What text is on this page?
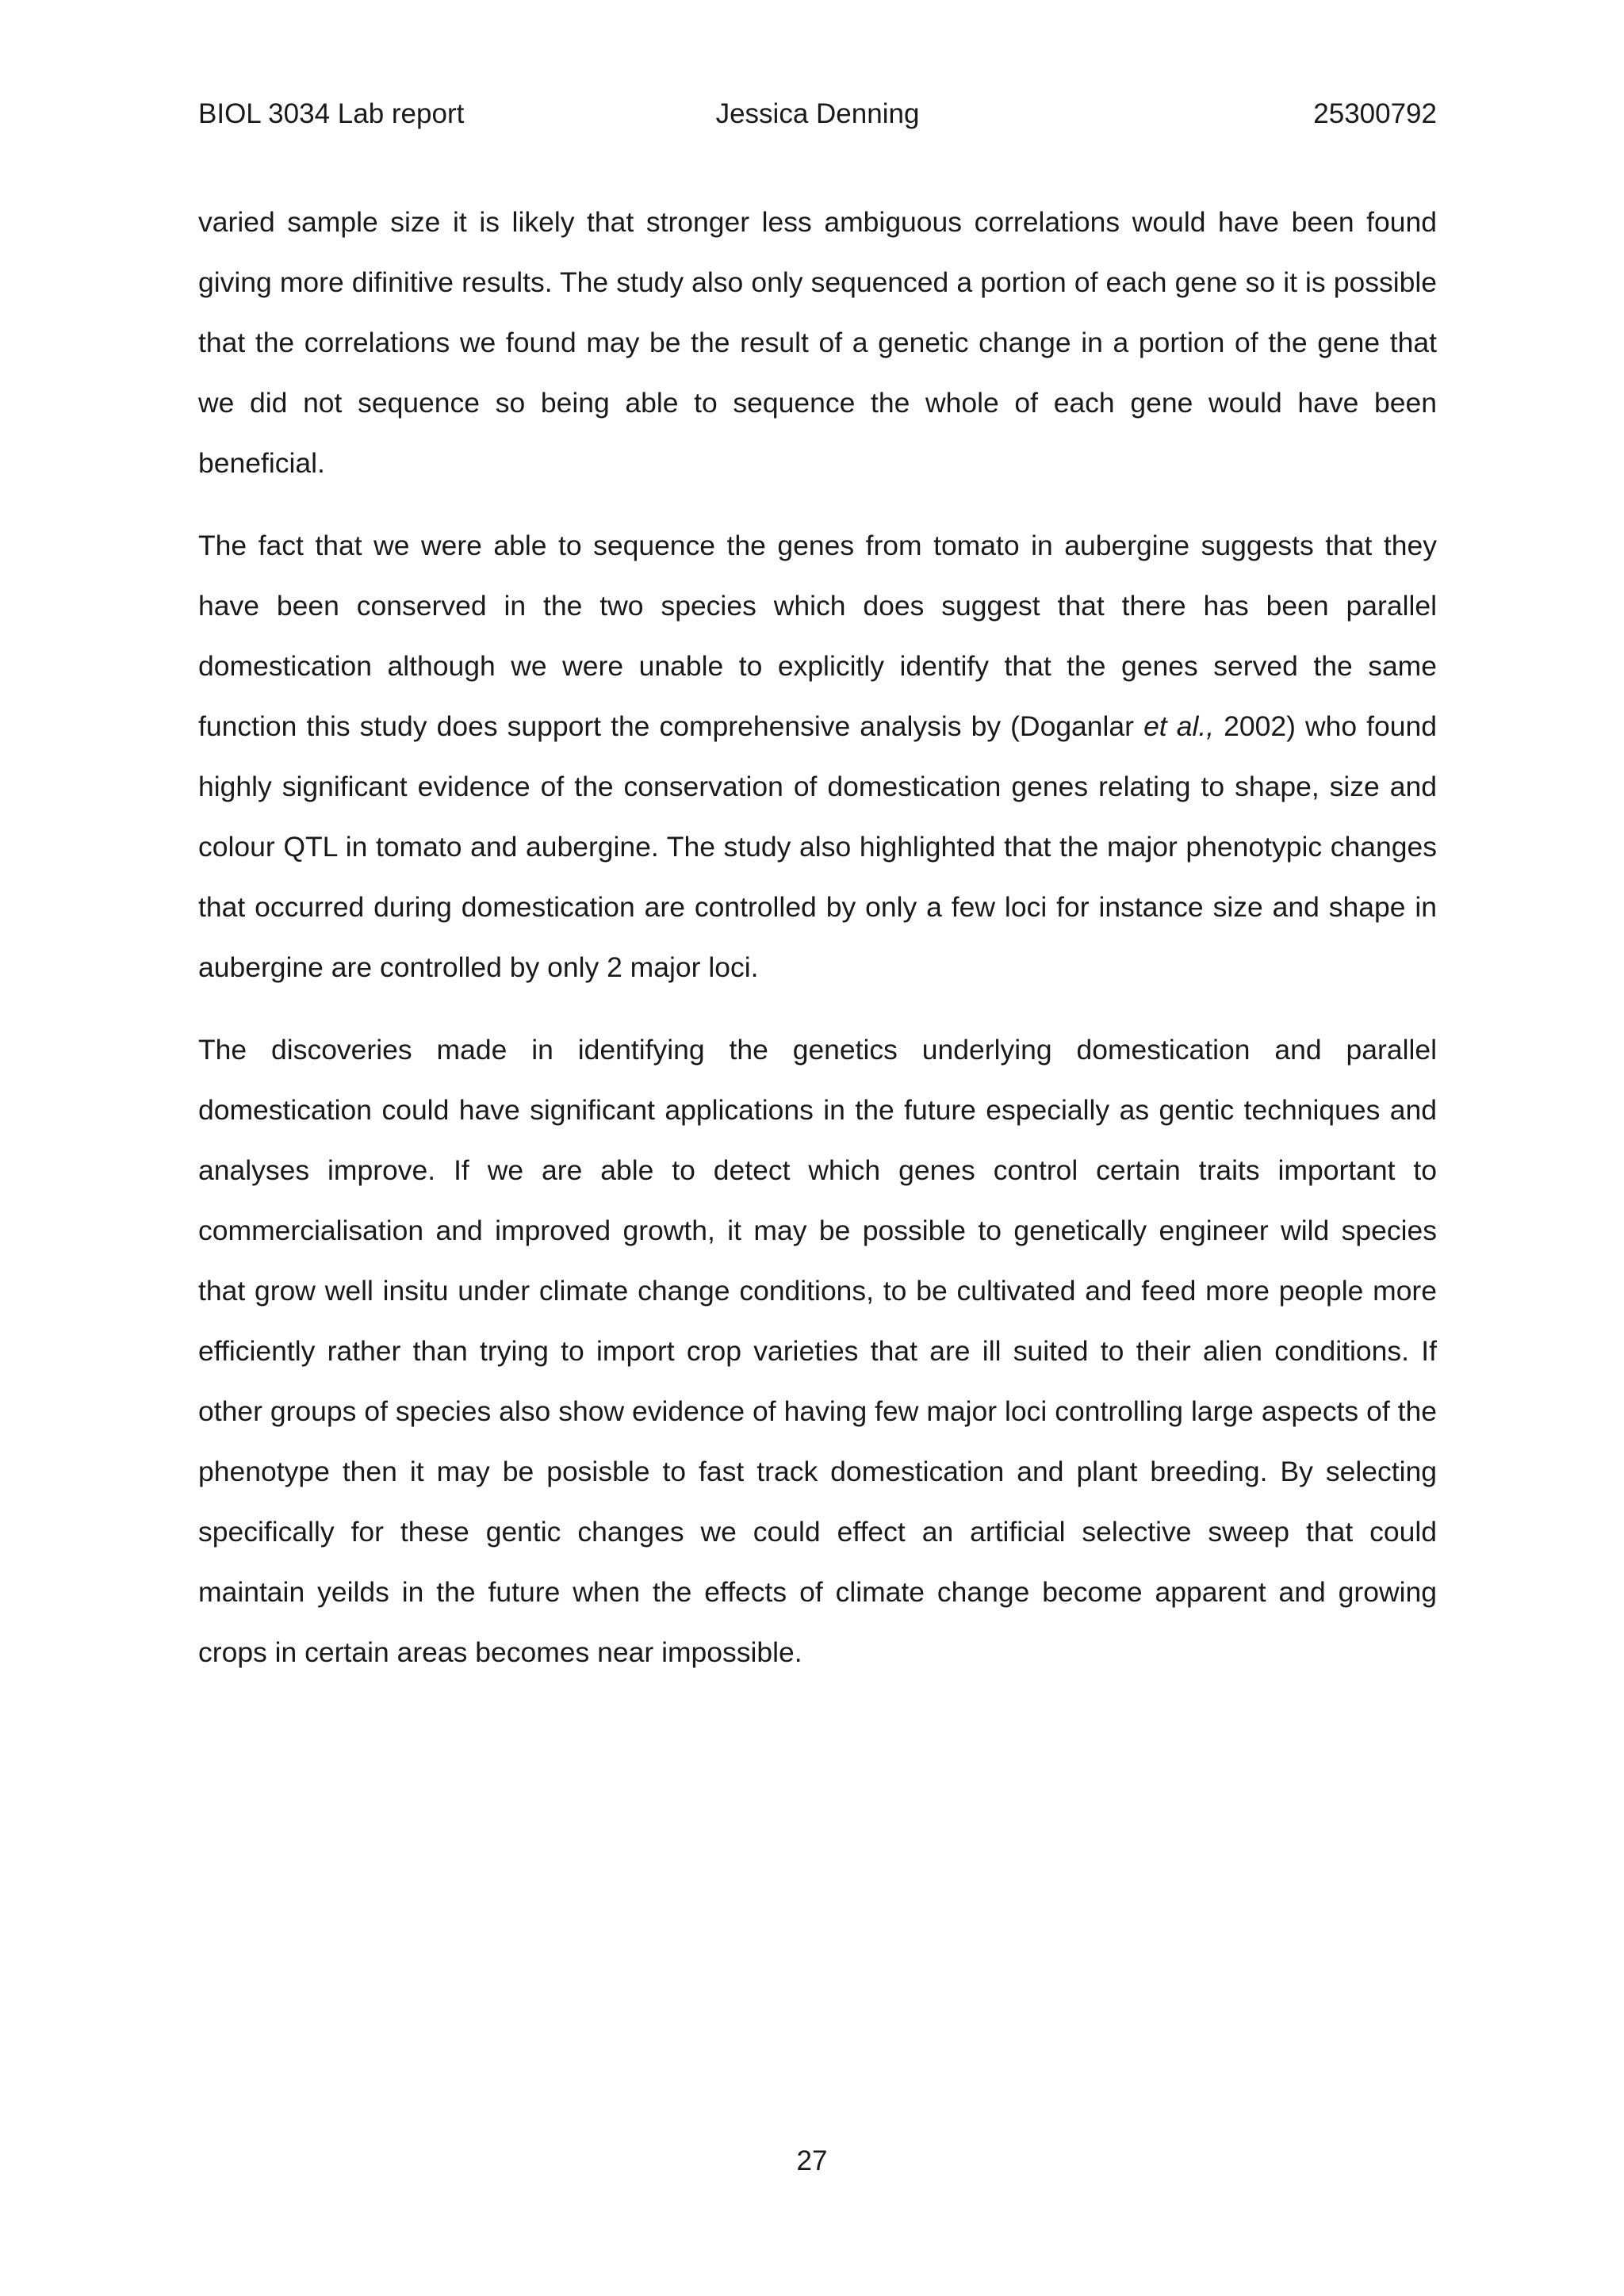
BIOL 3034 Lab report	Jessica Denning	25300792

varied sample size it is likely that stronger less ambiguous correlations would have been found giving more difinitive results. The study also only sequenced a portion of each gene so it is possible that the correlations we found may be the result of a genetic change in a portion of the gene that we did not sequence so being able to sequence the whole of each gene would have been beneficial.

The fact that we were able to sequence the genes from tomato in aubergine suggests that they have been conserved in the two species which does suggest that there has been parallel domestication although we were unable to explicitly identify that the genes served the same function this study does support the comprehensive analysis by (Doganlar et al., 2002) who found highly significant evidence of the conservation of domestication genes relating to shape, size and colour QTL in tomato and aubergine. The study also highlighted that the major phenotypic changes that occurred during domestication are controlled by only a few loci for instance size and shape in aubergine are controlled by only 2 major loci.

The discoveries made in identifying the genetics underlying domestication and parallel domestication could have significant applications in the future especially as gentic techniques and analyses improve. If we are able to detect which genes control certain traits important to commercialisation and improved growth, it may be possible to genetically engineer wild species that grow well insitu under climate change conditions, to be cultivated and feed more people more efficiently rather than trying to import crop varieties that are ill suited to their alien conditions. If other groups of species also show evidence of having few major loci controlling large aspects of the phenotype then it may be posisble to fast track domestication and plant breeding. By selecting specifically for these gentic changes we could effect an artificial selective sweep that could maintain yeilds in the future when the effects of climate change become apparent and growing crops in certain areas becomes near impossible.

27
